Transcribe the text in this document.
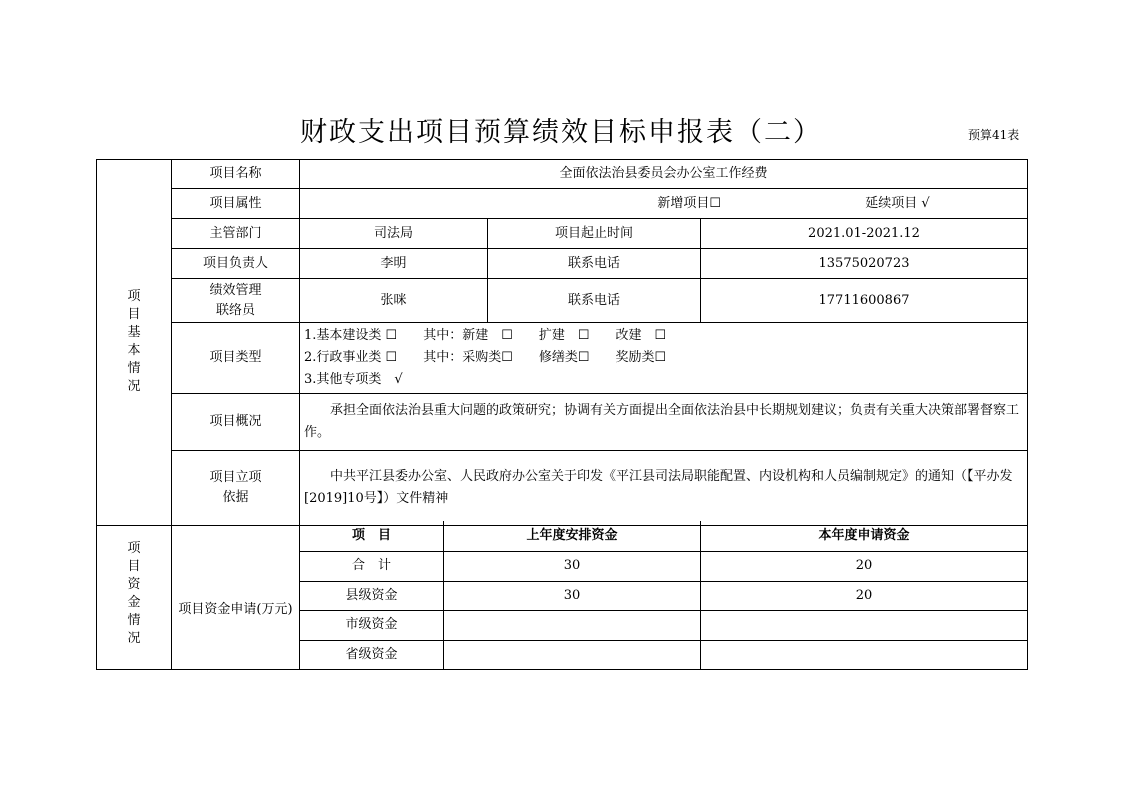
财政支出项目预算绩效目标申报表（二）	预算41表
项目基本情况	项目名称	全面依法治县委员会办公室工作经费		
	项目属性	新增项目☐ 延续项目 √		
	主管部门	司法局	项目起止时间	2021.01-2021.12
	项目负责人	李明	联系电话	13575020723
	绩效管理
联络员	张咪	联系电话	17711600867
	项目类型	1.基本建设类 ☐　　其中：新建　☐　　扩建　☐　　改建　☐
2.行政事业类 ☐　　其中：采购类☐　　修缮类☐　　奖励类☐
3.其他专项类　√		

	项目概况	　　承担全面依法治县重大问题的政策研究；协调有关方面提出全面依法治县中长期规划建议；负责有关重大决策部署督察工作。		
	项目立项
依据	　　中共平江县委办公室、人民政府办公室关于印发《平江县司法局职能配置、内设机构和人员编制规定》的通知（【平办发[2019]10号】）文件精神		
项目资金情况	项目资金申请(万元)	项　目	上年度安排资金	本年度申请资金
		合　计	30	20
		县级资金	30	20
		市级资金		
		省级资金		
